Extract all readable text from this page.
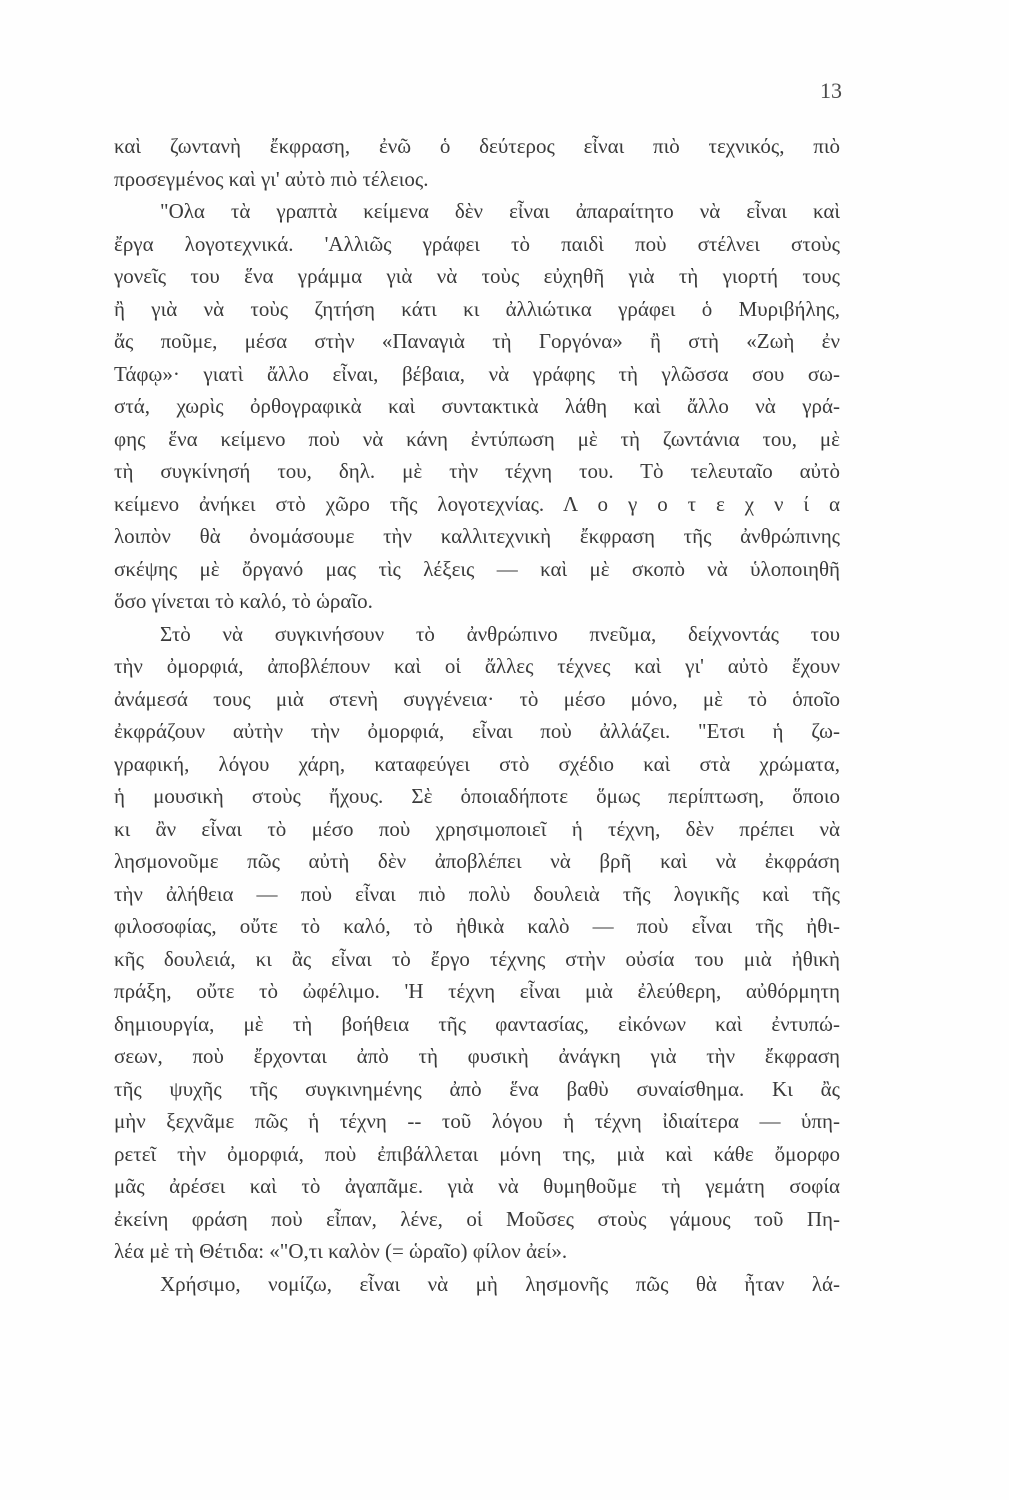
13
καὶ ζωντανὴ ἔκφραση, ἐνῶ ὁ δεύτερος εἶναι πιὸ τεχνικός, πιὸ
προσεγμένος καὶ γι' αὐτὸ πιὸ τέλειος.
"Ολα τὰ γραπτὰ κείμενα δὲν εἶναι ἀπαραίτητο νὰ εἶναι καὶ
ἔργα λογοτεχνικά. 'Αλλιῶς γράφει τὸ παιδὶ ποὺ στέλνει στοὺς
γονεῖς του ἕνα γράμμα γιὰ νὰ τοὺς εὐχηθῆ γιὰ τὴ γιορτή τους
ἢ γιὰ νὰ τοὺς ζητήση κάτι κι ἀλλιώτικα γράφει ὁ Μυριβήλης,
ἄς ποῦμε, μέσα στὴν «Παναγιὰ τὴ Γοργόνα» ἢ στὴ «Ζωὴ ἐν
Τάφῳ»· γιατὶ ἄλλο εἶναι, βέβαια, νὰ γράφης τὴ γλῶσσα σου σω-
στά, χωρὶς ὀρθογραφικὰ καὶ συντακτικὰ λάθη καὶ ἄλλο νὰ γρά-
φης ἕνα κείμενο ποὺ νὰ κάνη ἐντύπωση μὲ τὴ ζωντάνια του, μὲ
τὴ συγκίνησή του, δηλ. μὲ τὴν τέχνη του. Τὸ τελευταῖο αὐτὸ
κείμενο ἀνήκει στὸ χῶρο τῆς λογοτεχνίας. Λ ο γ ο τ ε χ ν ί α
λοιπὸν θὰ ὀνομάσουμε τὴν καλλιτεχνικὴ ἔκφραση τῆς ἀνθρώπινης
σκέψης μὲ ὄργανό μας τὶς λέξεις — καὶ μὲ σκοπὸ νὰ ὑλοποιηθῆ
ὅσο γίνεται τὸ καλό, τὸ ὡραῖο.
Στὸ νὰ συγκινήσουν τὸ ἀνθρώπινο πνεῦμα, δείχνοντάς του
τὴν ὀμορφιά, ἀποβλέπουν καὶ οἱ ἄλλες τέχνες καὶ γι' αὐτὸ ἔχουν
ἀνάμεσά τους μιὰ στενὴ συγγένεια· τὸ μέσο μόνο, μὲ τὸ ὁποῖο
ἐκφράζουν αὐτὴν τὴν ὀμορφιά, εἶναι ποὺ ἀλλάζει. "Ετσι ἡ ζω-
γραφική, λόγου χάρη, καταφεύγει στὸ σχέδιο καὶ στὰ χρώματα,
ἡ μουσικὴ στοὺς ἤχους. Σὲ ὁποιαδήποτε ὅμως περίπτωση, ὅποιο
κι ἂν εἶναι τὸ μέσο ποὺ χρησιμοποιεῖ ἡ τέχνη, δὲν πρέπει νὰ
λησμονοῦμε πῶς αὐτὴ δὲν ἀποβλέπει νὰ βρῆ καὶ νὰ ἐκφράση
τὴν ἀλήθεια — ποὺ εἶναι πιὸ πολὺ δουλειὰ τῆς λογικῆς καὶ τῆς
φιλοσοφίας, οὔτε τὸ καλό, τὸ ἠθικὰ καλὸ — ποὺ εἶναι τῆς ἠθι-
κῆς δουλειά, κι ἂς εἶναι τὸ ἔργο τέχνης στὴν οὐσία του μιὰ ἠθικὴ
πράξη, οὔτε τὸ ὠφέλιμο. 'Η τέχνη εἶναι μιὰ ἐλεύθερη, αὐθόρμητη
δημιουργία, μὲ τὴ βοήθεια τῆς φαντασίας, εἰκόνων καὶ ἐντυπώ-
σεων, ποὺ ἔρχονται ἀπὸ τὴ φυσικὴ ἀνάγκη γιὰ τὴν ἔκφραση
τῆς ψυχῆς τῆς συγκινημένης ἀπὸ ἕνα βαθὺ συναίσθημα. Κι ἂς
μὴν ξεχνᾶμε πῶς ἡ τέχνη -- τοῦ λόγου ἡ τέχνη ἰδιαίτερα — ὑπη-
ρετεῖ τὴν ὀμορφιά, ποὺ ἐπιβάλλεται μόνη της, μιὰ καὶ κάθε ὄμορφο
μᾶς ἀρέσει καὶ τὸ ἀγαπᾶμε. γιὰ νὰ θυμηθοῦμε τὴ γεμάτη σοφία
ἐκείνη φράση ποὺ εἶπαν, λένε, οἱ Μοῦσες στοὺς γάμους τοῦ Πη-
λέα μὲ τὴ Θέτιδα: «"Ο,τι καλὸν (= ὡραῖο) φίλον ἀεί».
Χρήσιμο, νομίζω, εἶναι νὰ μὴ λησμονῆς πῶς θὰ ἦταν λά-
